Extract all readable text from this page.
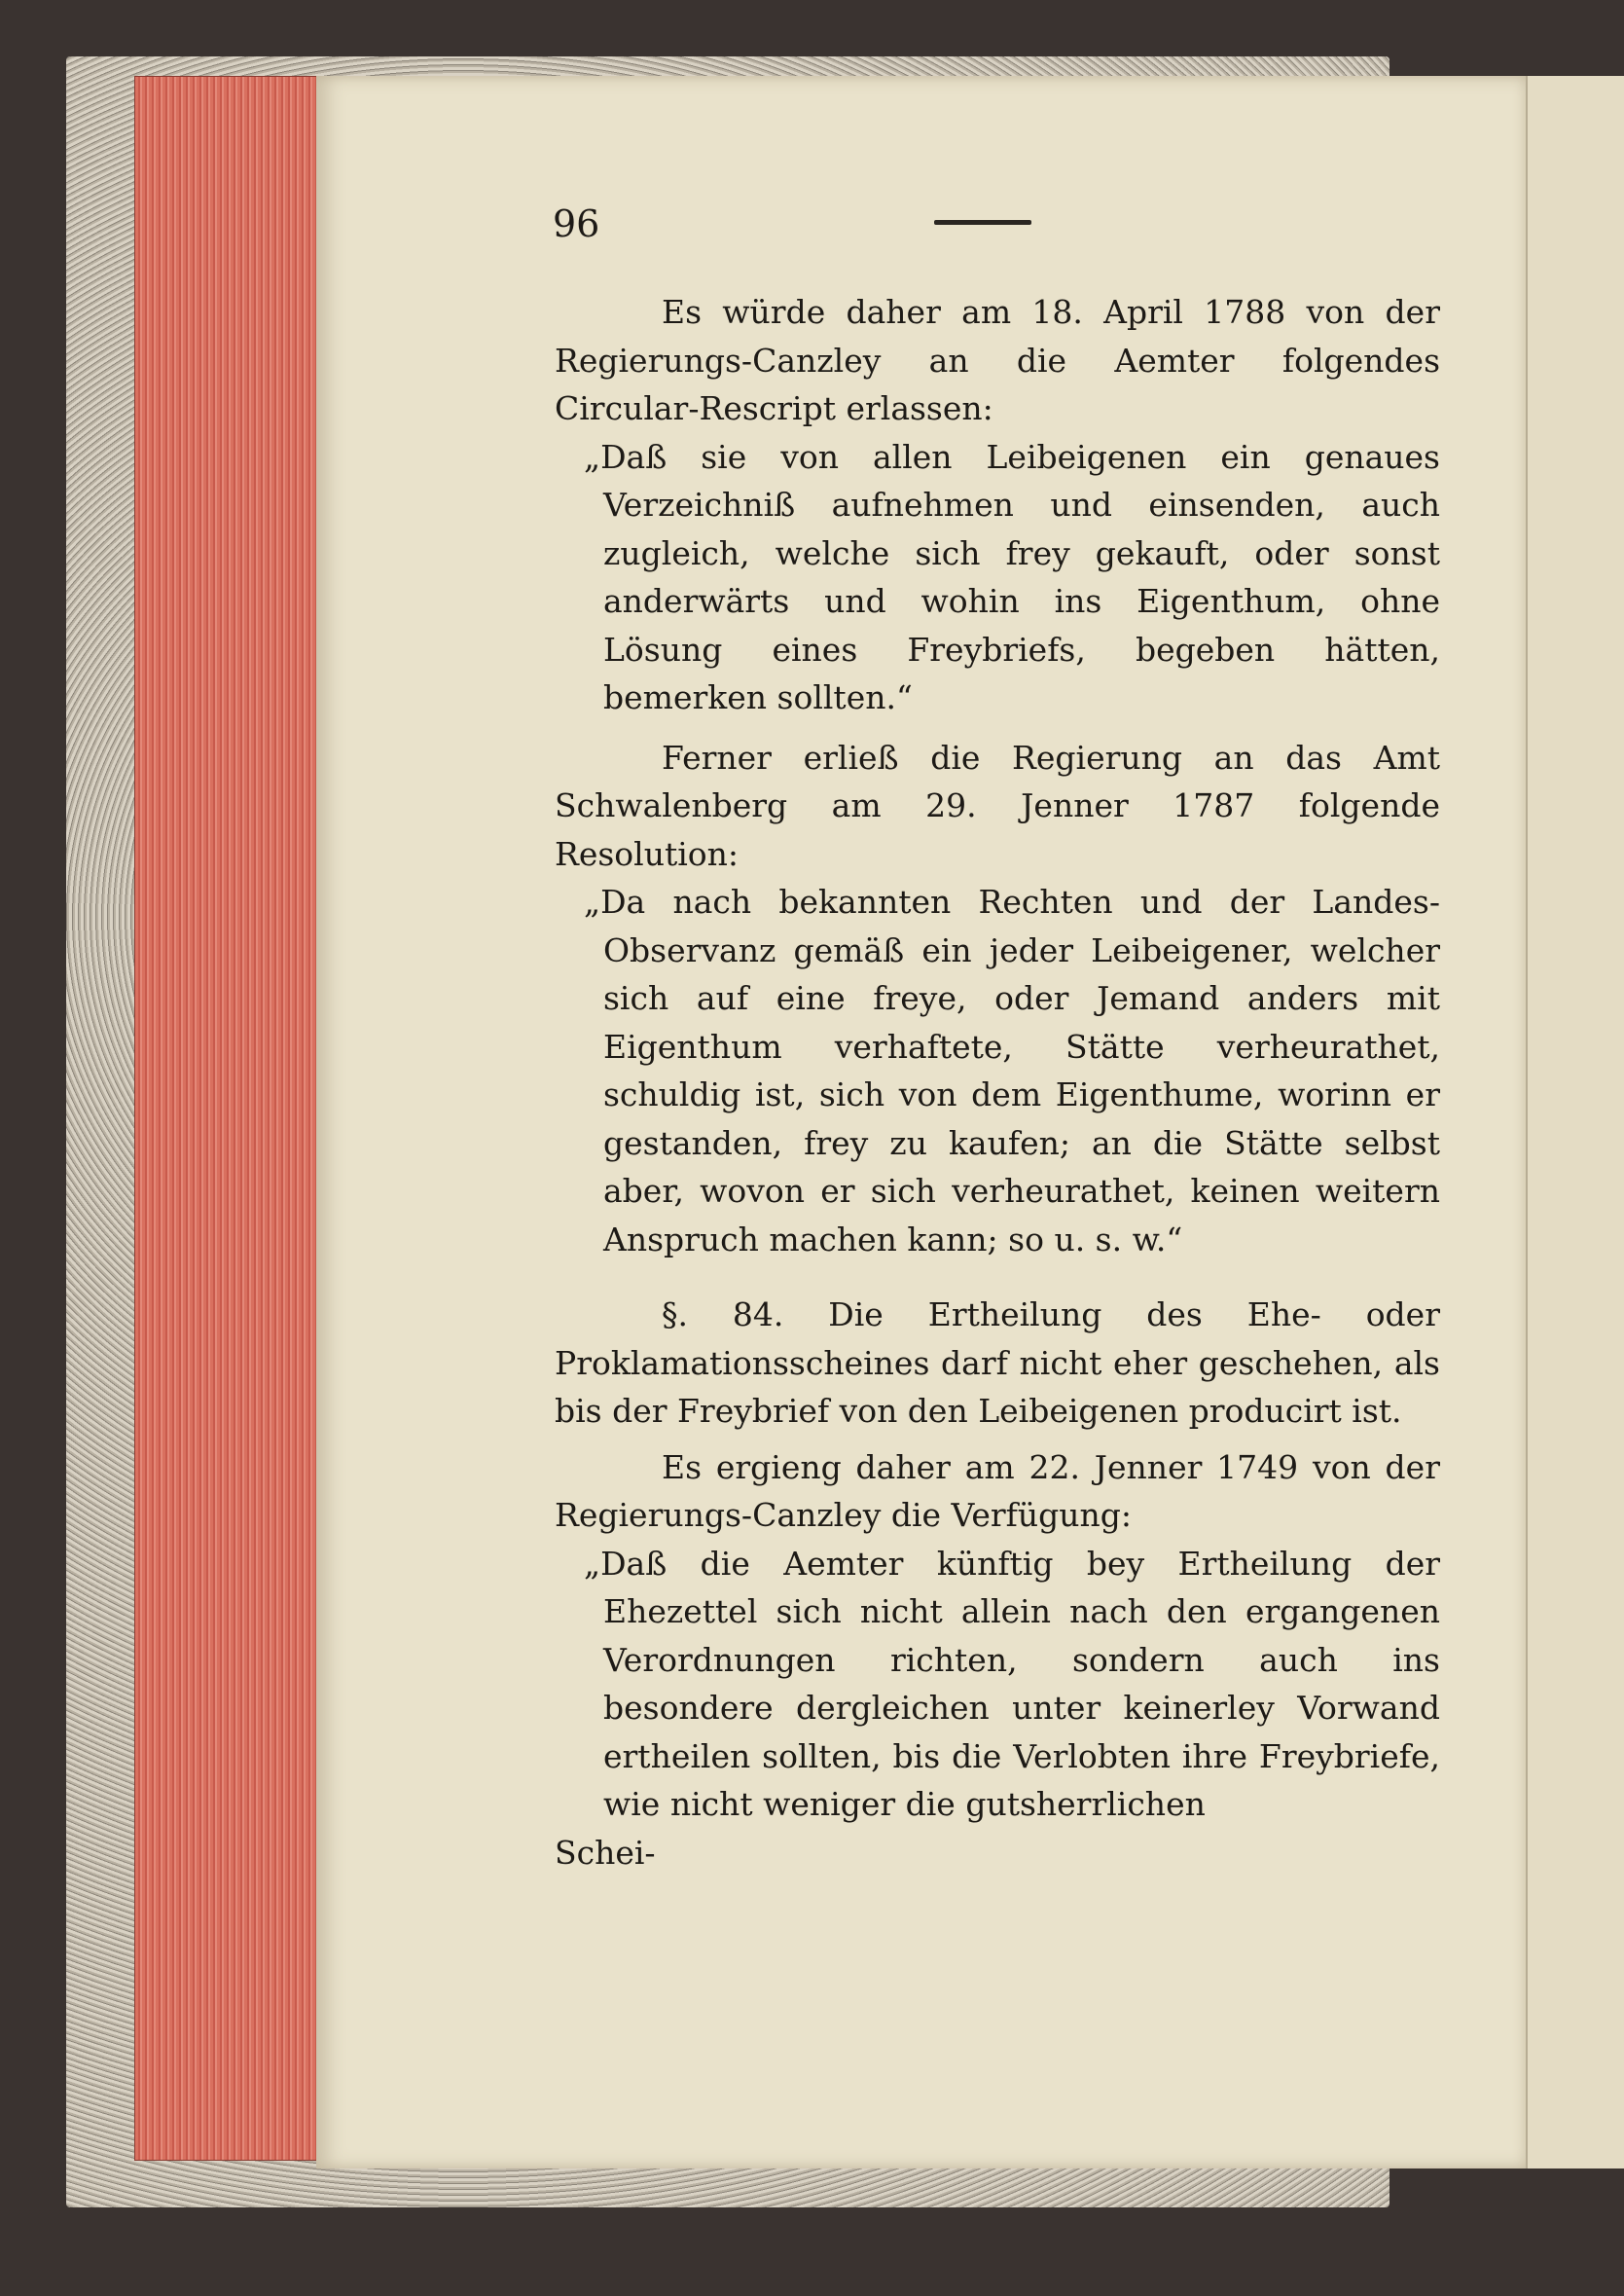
96

Es würde daher am 18. April 1788 von der Regierungs-Canzley an die Aemter folgendes Circular-Rescript erlassen:

„Daß sie von allen Leibeigenen ein genaues Verzeichniß aufnehmen und einsenden, auch zugleich, welche sich frey gekauft, oder sonst anderwärts und wohin ins Eigenthum, ohne Lösung eines Freybriefs, begeben hätten, bemerken sollten.“

Ferner erließ die Regierung an das Amt Schwalenberg am 29. Jenner 1787 folgende Resolution:

„Da nach bekannten Rechten und der Landes-Observanz gemäß ein jeder Leibeigener, welcher sich auf eine freye, oder Jemand anders mit Eigenthum verhaftete, Stätte verheurathet, schuldig ist, sich von dem Eigenthume, worinn er gestanden, frey zu kaufen; an die Stätte selbst aber, wovon er sich verheurathet, keinen weitern Anspruch machen kann; so u. s. w.“

§. 84. Die Ertheilung des Ehe- oder Proklamationsscheines darf nicht eher geschehen, als bis der Freybrief von den Leibeigenen producirt ist.

Es ergieng daher am 22. Jenner 1749 von der Regierungs-Canzley die Verfügung:

„Daß die Aemter künftig bey Ertheilung der Ehezettel sich nicht allein nach den ergangenen Verordnungen richten, sondern auch ins besondere dergleichen unter keinerley Vorwand ertheilen sollten, bis die Verlobten ihre Freybriefe, wie nicht weniger die gutsherrlichen

Schei-
